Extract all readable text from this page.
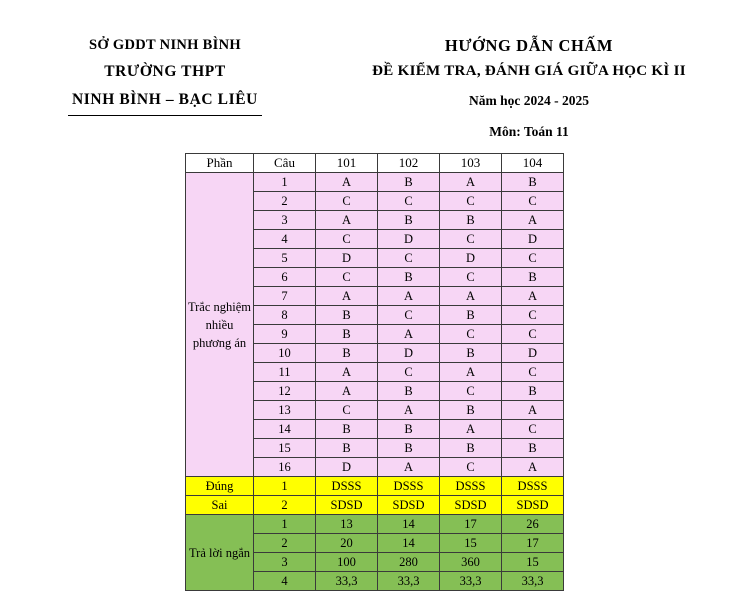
SỞ GDDT NINH BÌNH
TRƯỜNG THPT
NINH BÌNH – BẠC LIÊU
HƯỚNG DẪN CHẤM
ĐỀ KIỂM TRA, ĐÁNH GIÁ GIỮA HỌC KÌ II
Năm học 2024 - 2025
Môn: Toán 11
Phần	Câu	101	102	103	104
Trắc nghiệm nhiều phương án	1	A	B	A	B
	2	C	C	C	C
	3	A	B	B	A
	4	C	D	C	D
	5	D	C	D	C
	6	C	B	C	B
	7	A	A	A	A
	8	B	C	B	C
	9	B	A	C	C
	10	B	D	B	D
	11	A	C	A	C
	12	A	B	C	B
	13	C	A	B	A
	14	B	B	A	C
	15	B	B	B	B
	16	D	A	C	A
Đúng	1	DSSS	DSSS	DSSS	DSSS
Sai	2	SDSD	SDSD	SDSD	SDSD
Trả lời ngắn	1	13	14	17	26
	2	20	14	15	17
	3	100	280	360	15
	4	33,3	33,3	33,3	33,3
